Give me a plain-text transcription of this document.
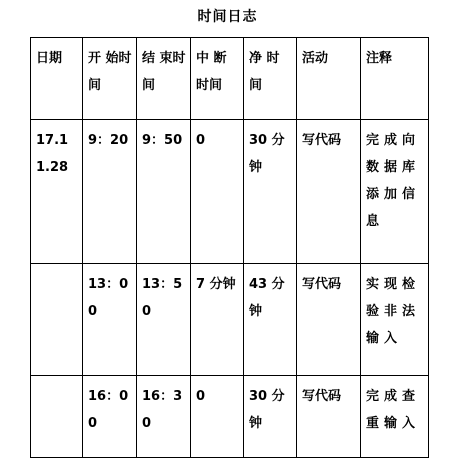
时间日志
日期	开 始时间	结 束时间	中 断时间	净 时间	活动	注释
17.11.28	9：20	9：50	0	30 分钟	写代码	完成向数据库添加信息
	13：00	13：50	7 分钟	43 分钟	写代码	实现检验非法输入
	16：00	16：30	0	30 分钟	写代码	完成查重输入
